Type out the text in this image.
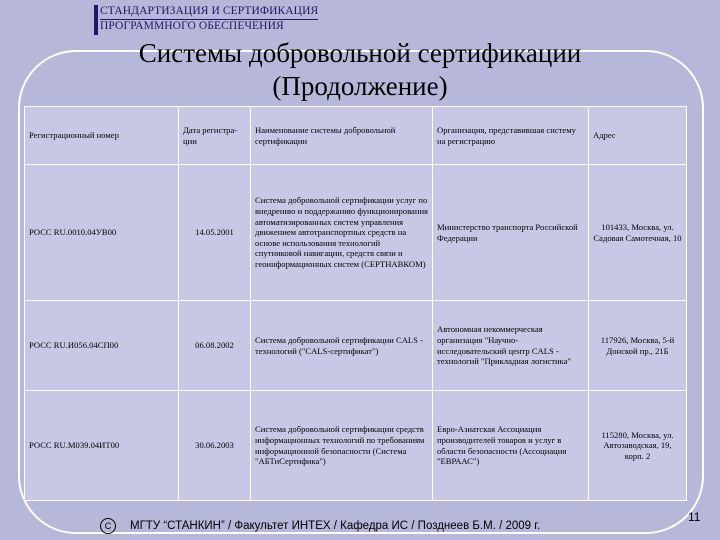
СТАНДАРТИЗАЦИЯ И СЕРТИФИКАЦИЯ
ПРОГРАММНОГО ОБЕСПЕЧЕНИЯ
Системы добровольной сертификации
(Продолжение)
Регистрационный номер	Дата регистра-ции	Наименование системы добровольной сертификации	Организация, представившая систему на регистрацию	Адрес
РОСС RU.0010.04УВ00	14.05.2001	Система добровольной сертификации услуг по внедрению и поддержанию функционирования автоматизированных систем управления движением автотранспортных средств на основе использования технологий спутниковой навигации, средств связи и геоинформационных систем (СЕРТНАВКОМ)	Министерство транспорта Российской Федерации	101433, Москва, ул. Садовая Самотечная, 10
РОСС RU.И056.04СП00	06.08.2002	Система добровольной сертификации CALS - технологий ("CALS-сертификат")	Автономная некоммерческая организация "Научно-исследовательский центр CALS - технологий "Прикладная логистика"	117926, Москва, 5-й Донской пр., 21Б
РОСС RU.М039.04ИТ00	30.06.2003	Система добровольной сертификации средств информационных технологий по требованиям информационной безопасности (Система "АБТиСертифика")	Евро-Азиатская Ассоциация производителей товаров и услуг в области безопасности (Ассоциация "ЕВРААС")	115280, Москва, ул. Автозаводская, 19, корп. 2
С МГТУ “СТАНКИН” / Факультет ИНТЕХ / Кафедра ИС / Позднеев Б.М. / 2009 г.
11
